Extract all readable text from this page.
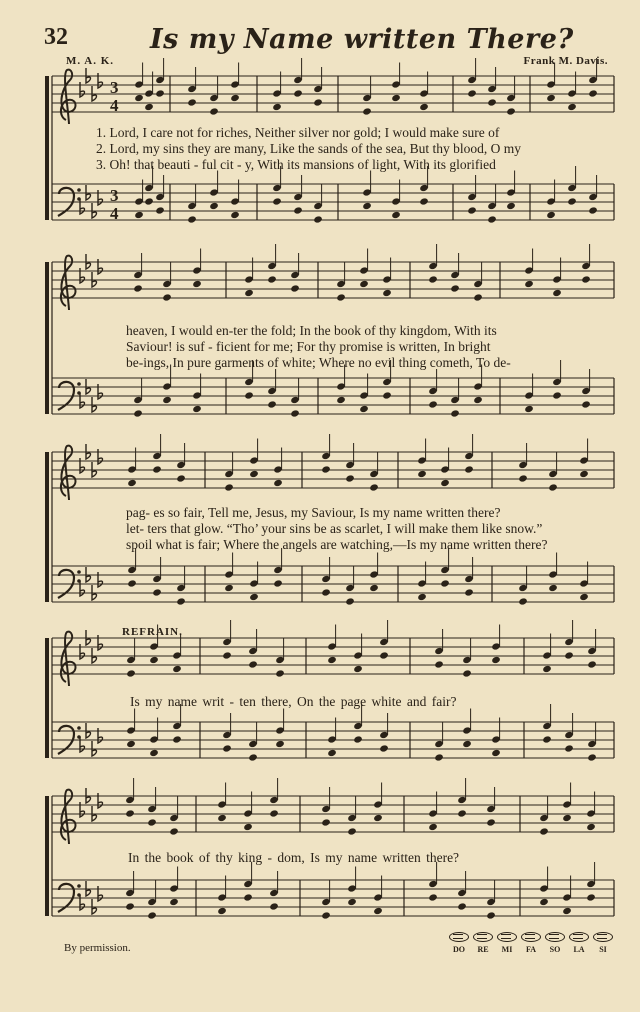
3
4
3
4
32	Is my Name written There?
M. A. K.	Frank M. Davis.
1. Lord, I care not for riches, Neither silver nor gold; I would make sure of
2. Lord, my sins they are many, Like the sands of the sea, But thy blood, O my
3. Oh! that beauti - ful cit - y, With its mansions of light, With its glorified
heaven, I would en-ter the fold; In the book of thy kingdom, With its
Saviour! is suf - ficient for me; For thy promise is written, In bright
be-ings, In pure garments of white; Where no evil thing cometh, To de-
pag- es so fair, Tell me, Jesus, my Saviour, Is my name written there?
let- ters that glow. “Tho’ your sins be as scarlet, I will make them like snow.”
spoil what is fair; Where the angels are watching,—Is my name written there?
REFRAIN.
Is my name writ - ten there, On the page white and fair?
In the book of thy king - dom, Is my name written there?
By permission.	DO	RE	MI	FA	SO	LA	SI
